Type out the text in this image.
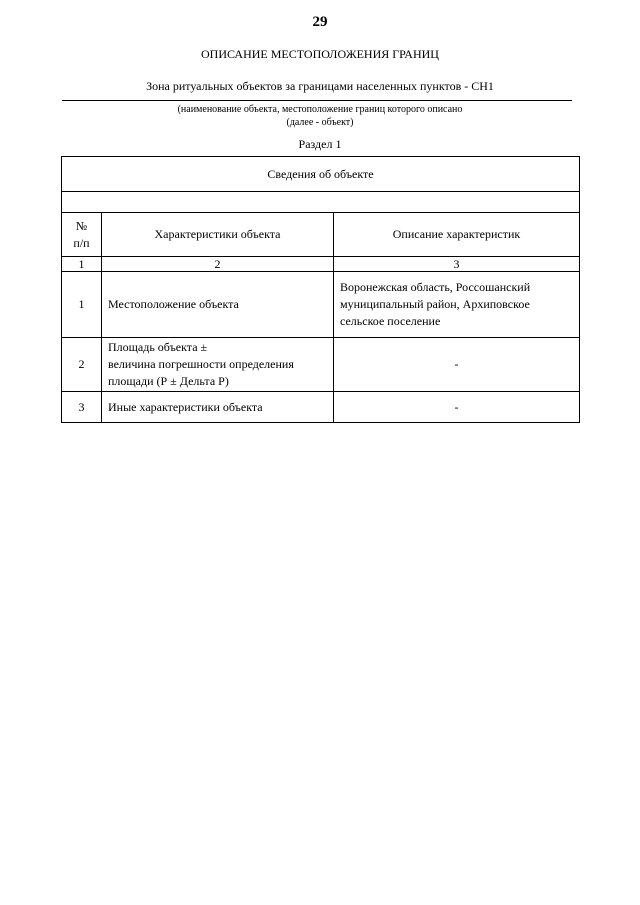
29
ОПИСАНИЕ МЕСТОПОЛОЖЕНИЯ ГРАНИЦ
Зона ритуальных объектов за границами населенных пунктов - СН1
(наименование объекта, местоположение границ которого описано
(далее - объект)
Раздел 1
Сведения об объекте		

№
п/п	Характеристики объекта	Описание характеристик
1	2	3
1	Местоположение объекта	Воронежская область, Россошанский
муниципальный район, Архиповское
сельское поселение

2	Площадь объекта ±
величина погрешности определения
площади (Р ± Дельта Р)	-
3	Иные характеристики объекта	-
